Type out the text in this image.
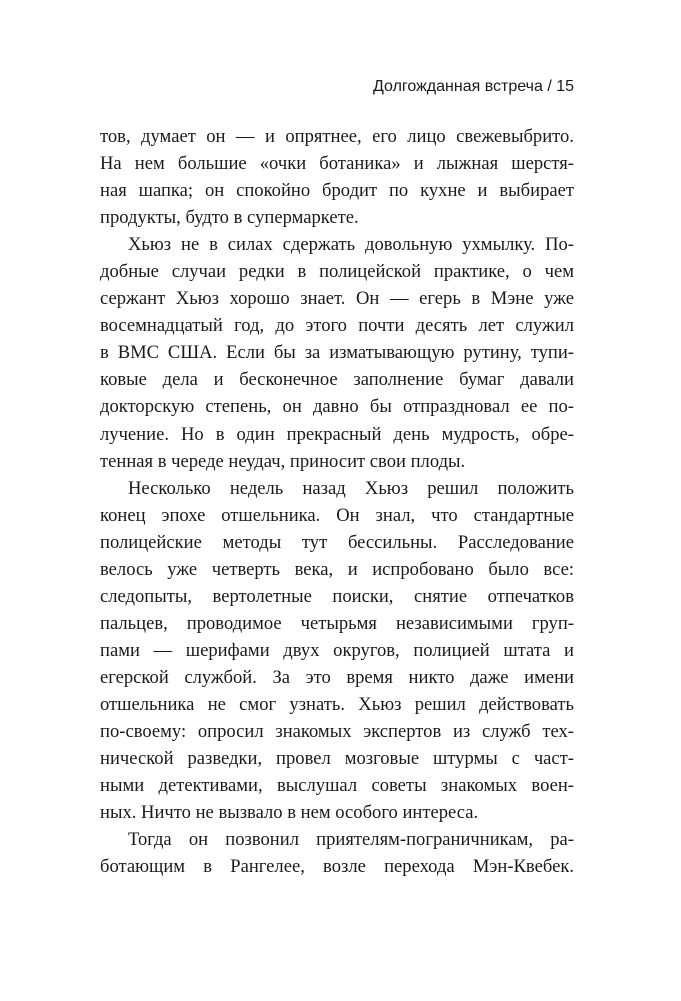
Долгожданная встреча / 15
тов, думает он — и опрятнее, его лицо свежевыбрито.
На нем большие «очки ботаника» и лыжная шерстя-
ная шапка; он спокойно бродит по кухне и выбирает
продукты, будто в супермаркете.
Хьюз не в силах сдержать довольную ухмылку. По-
добные случаи редки в полицейской практике, о чем
сержант Хьюз хорошо знает. Он — егерь в Мэне уже
восемнадцатый год, до этого почти десять лет служил
в ВМС США. Если бы за изматывающую рутину, тупи-
ковые дела и бесконечное заполнение бумаг давали
докторскую степень, он давно бы отпраздновал ее по-
лучение. Но в один прекрасный день мудрость, обре-
тенная в череде неудач, приносит свои плоды.
Несколько недель назад Хьюз решил положить
конец эпохе отшельника. Он знал, что стандартные
полицейские методы тут бессильны. Расследование
велось уже четверть века, и испробовано было все:
следопыты, вертолетные поиски, снятие отпечатков
пальцев, проводимое четырьмя независимыми груп-
пами — шерифами двух округов, полицией штата и
егерской службой. За это время никто даже имени
отшельника не смог узнать. Хьюз решил действовать
по-своему: опросил знакомых экспертов из служб тех-
нической разведки, провел мозговые штурмы с част-
ными детективами, выслушал советы знакомых воен-
ных. Ничто не вызвало в нем особого интереса.
Тогда он позвонил приятелям-пограничникам, ра-
ботающим в Рангелее, возле перехода Мэн-Квебек.
